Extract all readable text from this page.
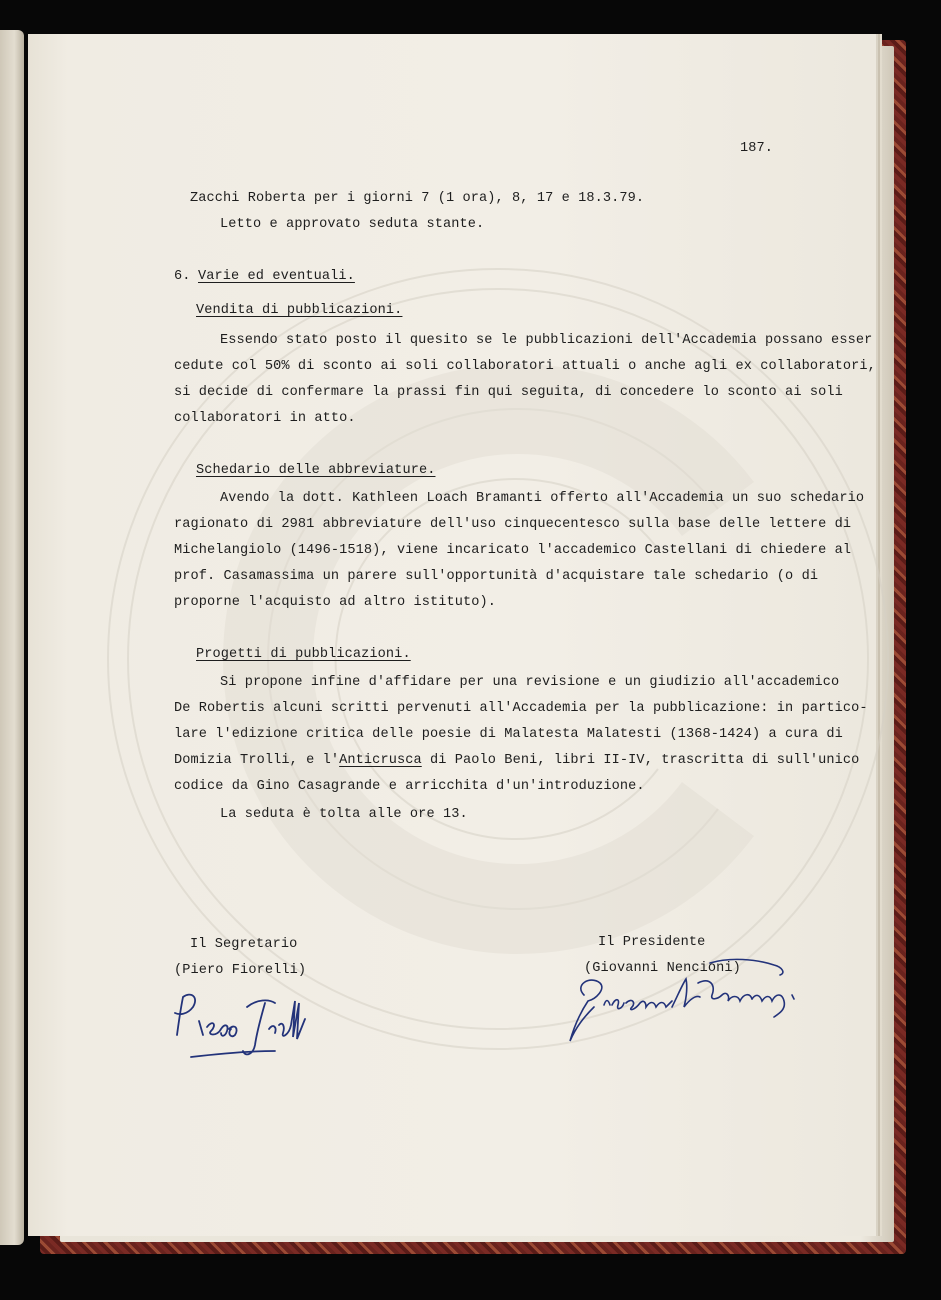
187.
Zacchi Roberta per i giorni 7 (1 ora), 8, 17 e 18.3.79.
Letto e approvato seduta stante.
6. Varie ed eventuali.
Vendita di pubblicazioni.
Essendo stato posto il quesito se le pubblicazioni dell'Accademia possano esser
cedute col 50% di sconto ai soli collaboratori attuali o anche agli ex collaboratori,
si decide di confermare la prassi fin qui seguita, di concedere lo sconto ai soli
collaboratori in atto.
Schedario delle abbreviature.
Avendo la dott. Kathleen Loach Bramanti offerto all'Accademia un suo schedario
ragionato di 2981 abbreviature dell'uso cinquecentesco sulla base delle lettere di
Michelangiolo (1496-1518), viene incaricato l'accademico Castellani di chiedere al
prof. Casamassima un parere sull'opportunità d'acquistare tale schedario (o di
proporne l'acquisto ad altro istituto).
Progetti di pubblicazioni.
Si propone infine d'affidare per una revisione e un giudizio all'accademico
De Robertis alcuni scritti pervenuti all'Accademia per la pubblicazione: in partico-
lare l'edizione critica delle poesie di Malatesta Malatesti (1368-1424) a cura di
Domizia Trolli, e l'Anticrusca di Paolo Beni, libri II-IV, trascritta di sull'unico
codice da Gino Casagrande e arricchita d'un'introduzione.
La seduta è tolta alle ore 13.
Il Segretario
(Piero Fiorelli)
Il Presidente
(Giovanni Nencioni)
